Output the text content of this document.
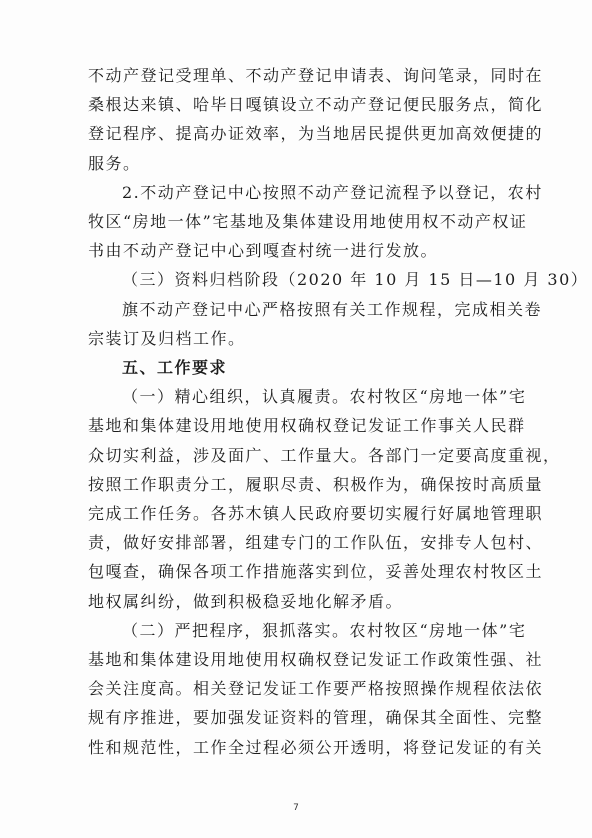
不动产登记受理单、不动产登记申请表、询问笔录，同时在
桑根达来镇、哈毕日嘎镇设立不动产登记便民服务点，简化
登记程序、提高办证效率，为当地居民提供更加高效便捷的
服务。
2.不动产登记中心按照不动产登记流程予以登记，农村
牧区“房地一体”宅基地及集体建设用地使用权不动产权证
书由不动产登记中心到嘎查村统一进行发放。
（三）资料归档阶段（2020 年 10 月 15 日—10 月 30）
旗不动产登记中心严格按照有关工作规程，完成相关卷
宗装订及归档工作。
五、工作要求
（一）精心组织，认真履责。农村牧区“房地一体”宅
基地和集体建设用地使用权确权登记发证工作事关人民群
众切实利益，涉及面广、工作量大。各部门一定要高度重视，
按照工作职责分工，履职尽责、积极作为，确保按时高质量
完成工作任务。各苏木镇人民政府要切实履行好属地管理职
责，做好安排部署，组建专门的工作队伍，安排专人包村、
包嘎查，确保各项工作措施落实到位，妥善处理农村牧区土
地权属纠纷，做到积极稳妥地化解矛盾。
（二）严把程序，狠抓落实。农村牧区“房地一体”宅
基地和集体建设用地使用权确权登记发证工作政策性强、社
会关注度高。相关登记发证工作要严格按照操作规程依法依
规有序推进，要加强发证资料的管理，确保其全面性、完整
性和规范性，工作全过程必须公开透明，将登记发证的有关
7
